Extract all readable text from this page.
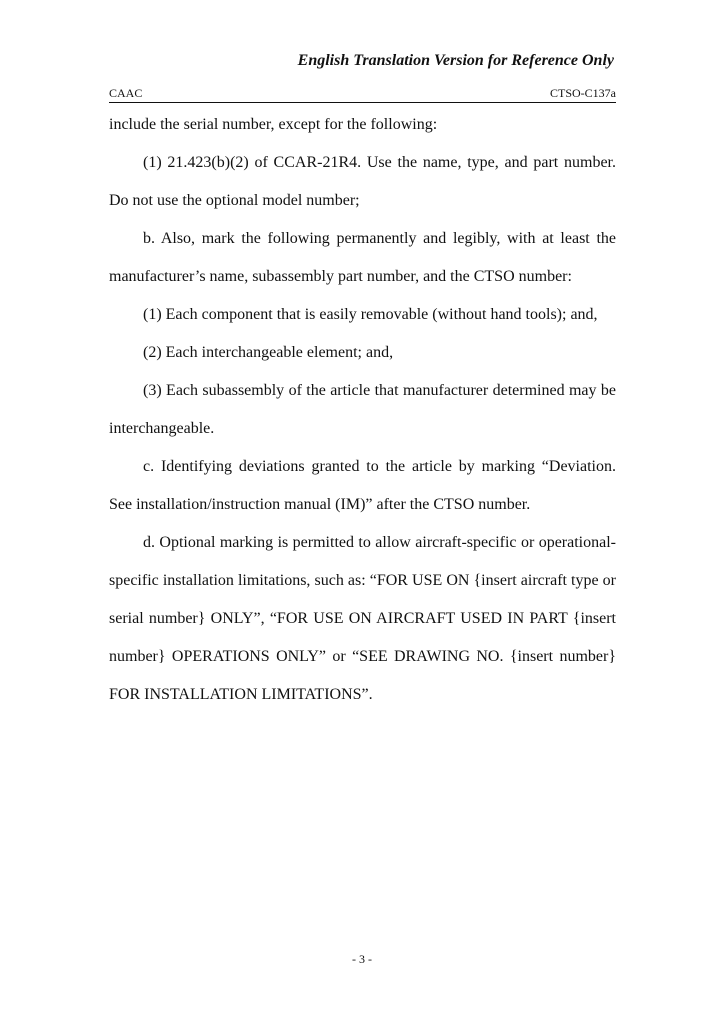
English Translation Version for Reference Only
CAAC	CTSO-C137a

include the serial number, except for the following:

(1) 21.423(b)(2) of CCAR-21R4. Use the name, type, and part number. Do not use the optional model number;

b. Also, mark the following permanently and legibly, with at least the manufacturer’s name, subassembly part number, and the CTSO number:

(1) Each component that is easily removable (without hand tools); and,

(2) Each interchangeable element; and,

(3) Each subassembly of the article that manufacturer determined may be interchangeable.

c. Identifying deviations granted to the article by marking “Deviation. See installation/instruction manual (IM)” after the CTSO number.

d. Optional marking is permitted to allow aircraft-specific or operational-specific installation limitations, such as: “FOR USE ON {insert aircraft type or serial number} ONLY”, “FOR USE ON AIRCRAFT USED IN PART {insert number} OPERATIONS ONLY” or “SEE DRAWING NO. {insert number} FOR INSTALLATION LIMITATIONS”.

- 3 -
